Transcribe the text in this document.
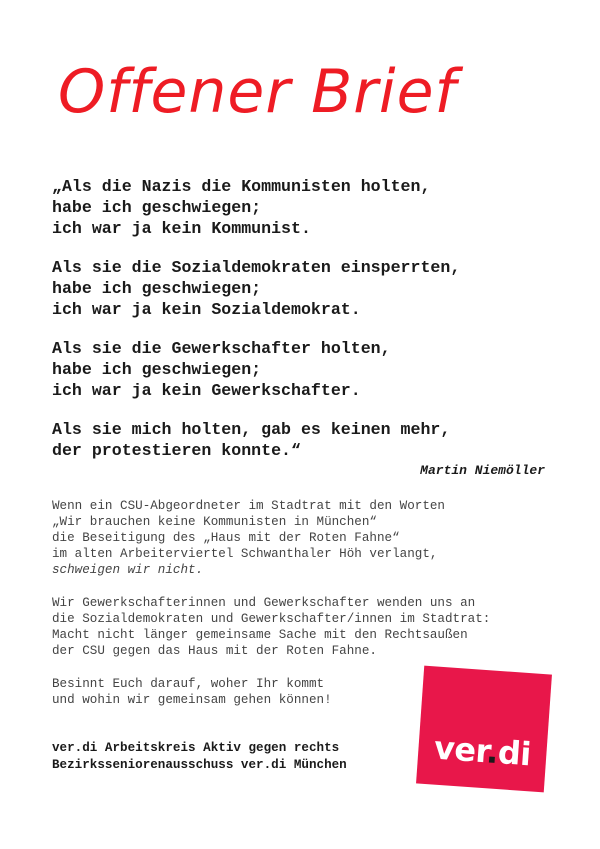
Offener Brief
„Als die Nazis die Kommunisten holten,
habe ich geschwiegen;
ich war ja kein Kommunist.
Als sie die Sozialdemokraten einsperrten,
habe ich geschwiegen;
ich war ja kein Sozialdemokrat.
Als sie die Gewerkschafter holten,
habe ich geschwiegen;
ich war ja kein Gewerkschafter.
Als sie mich holten, gab es keinen mehr,
der protestieren konnte.“
Martin Niemöller
Wenn ein CSU-Abgeordneter im Stadtrat mit den Worten
„Wir brauchen keine Kommunisten in München“
die Beseitigung des „Haus mit der Roten Fahne“
im alten Arbeiterviertel Schwanthaler Höh verlangt,
schweigen wir nicht.
Wir Gewerkschafterinnen und Gewerkschafter wenden uns an
die Sozialdemokraten und Gewerkschafter/innen im Stadtrat:
Macht nicht länger gemeinsame Sache mit den Rechtsaußen
der CSU gegen das Haus mit der Roten Fahne.
Besinnt Euch darauf, woher Ihr kommt
und wohin wir gemeinsam gehen können!
ver.di Arbeitskreis Aktiv gegen rechts
Bezirksseniorenausschuss ver.di München	ver.di
